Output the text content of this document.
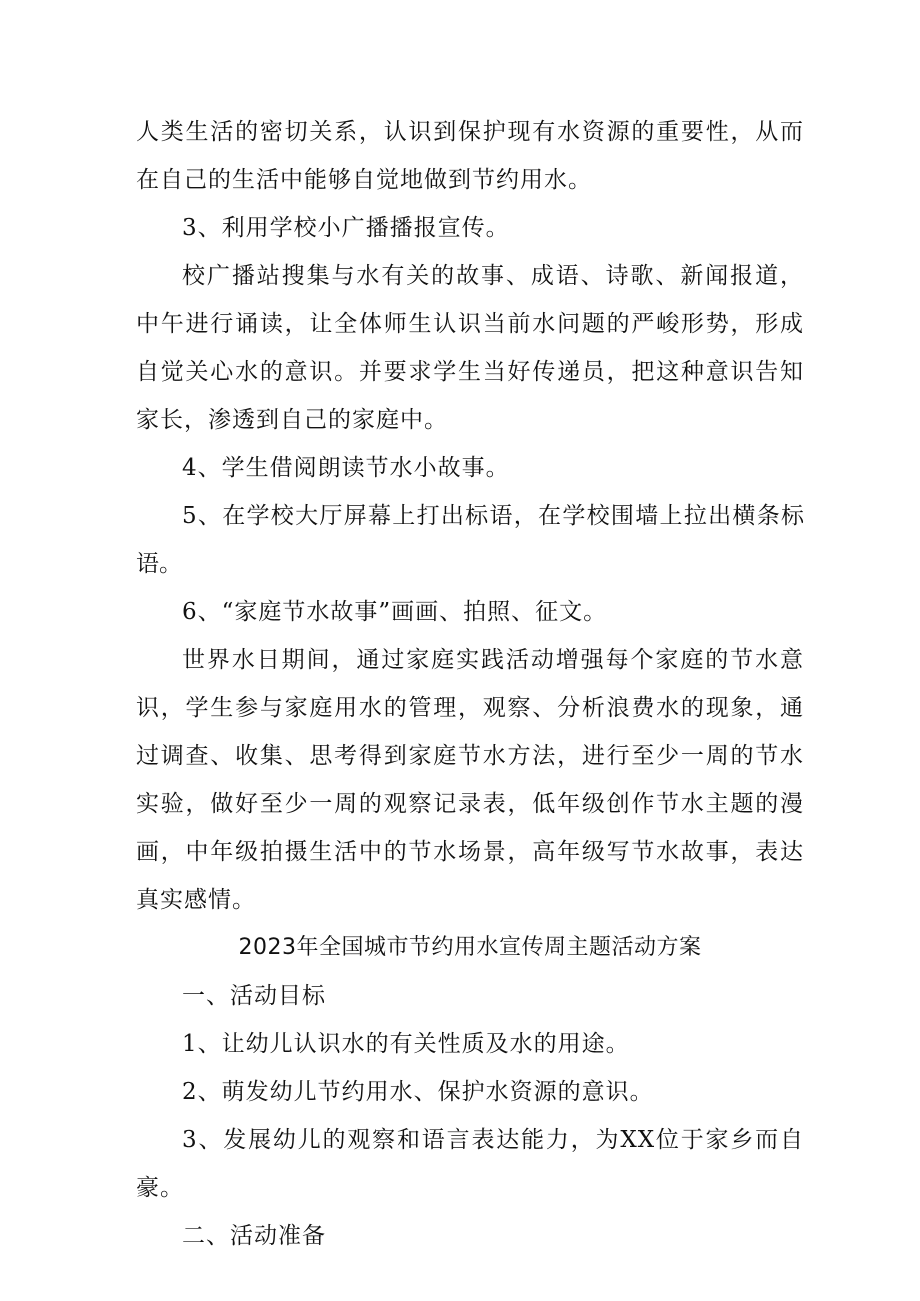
人类生活的密切关系，认识到保护现有水资源的重要性，从而在自己的生活中能够自觉地做到节约用水。

3、利用学校小广播播报宣传。

校广播站搜集与水有关的故事、成语、诗歌、新闻报道，中午进行诵读，让全体师生认识当前水问题的严峻形势，形成自觉关心水的意识。并要求学生当好传递员，把这种意识告知家长，渗透到自己的家庭中。

4、学生借阅朗读节水小故事。

5、在学校大厅屏幕上打出标语，在学校围墙上拉出横条标语。

6、“家庭节水故事”画画、拍照、征文。

世界水日期间，通过家庭实践活动增强每个家庭的节水意识，学生参与家庭用水的管理，观察、分析浪费水的现象，通过调查、收集、思考得到家庭节水方法，进行至少一周的节水实验，做好至少一周的观察记录表，低年级创作节水主题的漫画，中年级拍摄生活中的节水场景，高年级写节水故事，表达真实感情。

2023年全国城市节约用水宣传周主题活动方案

一、活动目标

1、让幼儿认识水的有关性质及水的用途。

2、萌发幼儿节约用水、保护水资源的意识。

3、发展幼儿的观察和语言表达能力，为XX位于家乡而自豪。

二、活动准备
